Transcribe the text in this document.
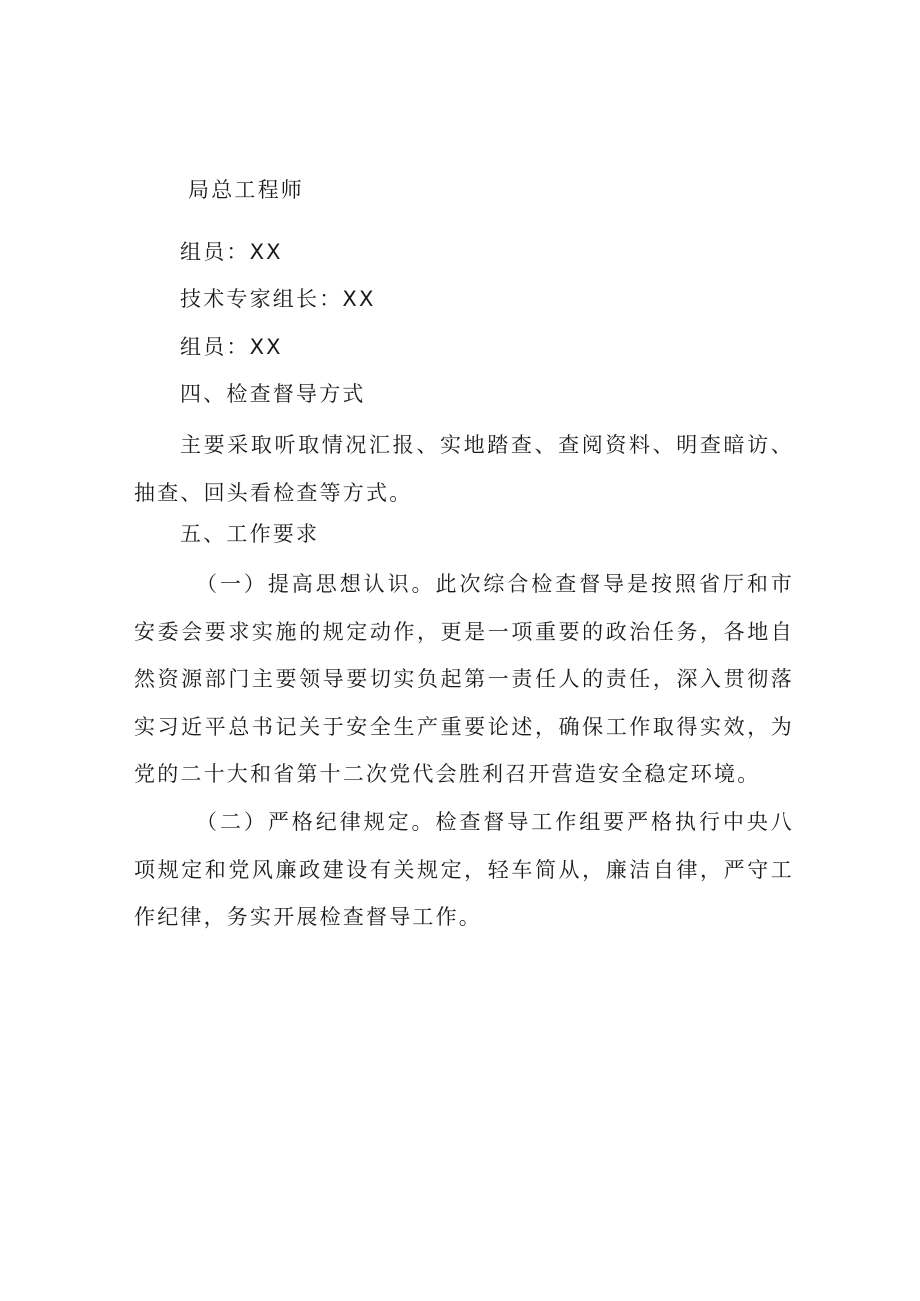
局总工程师
组员：XX
技术专家组长：XX
组员：XX
四、检查督导方式
主要采取听取情况汇报、实地踏查、查阅资料、明查暗访、抽查、回头看检查等方式。
五、工作要求
（一）提高思想认识。此次综合检查督导是按照省厅和市安委会要求实施的规定动作，更是一项重要的政治任务，各地自然资源部门主要领导要切实负起第一责任人的责任，深入贯彻落实习近平总书记关于安全生产重要论述，确保工作取得实效，为党的二十大和省第十二次党代会胜利召开营造安全稳定环境。
（二）严格纪律规定。检查督导工作组要严格执行中央八项规定和党风廉政建设有关规定，轻车简从，廉洁自律，严守工作纪律，务实开展检查督导工作。
